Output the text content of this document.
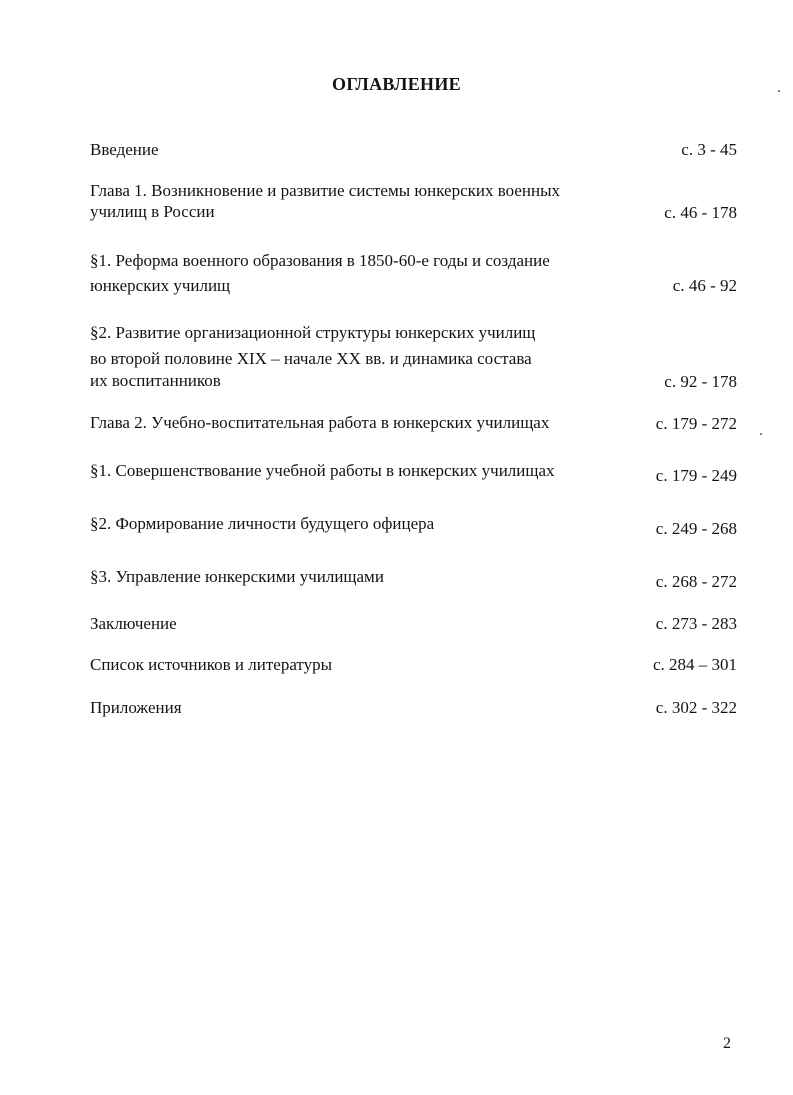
ОГЛАВЛЕНИЕ
Введение	с. 3 - 45
Глава 1. Возникновение и развитие системы юнкерских военных
училищ в России	с. 46 - 178
§1. Реформа военного образования в 1850-60-е годы и создание
юнкерских училищ	с. 46 - 92
§2. Развитие организационной структуры юнкерских училищ
во второй половине XIX – начале XX вв. и динамика состава
их воспитанников	с. 92 - 178
Глава 2. Учебно-воспитательная работа в юнкерских училищах	с. 179 - 272
§1. Совершенствование учебной работы в юнкерских училищах	с. 179 - 249
§2. Формирование личности будущего офицера	с. 249 - 268
§3. Управление юнкерскими училищами	с. 268 - 272
Заключение	с. 273 - 283
Список источников и литературы	с. 284 – 301
Приложения	с. 302 - 322
2
